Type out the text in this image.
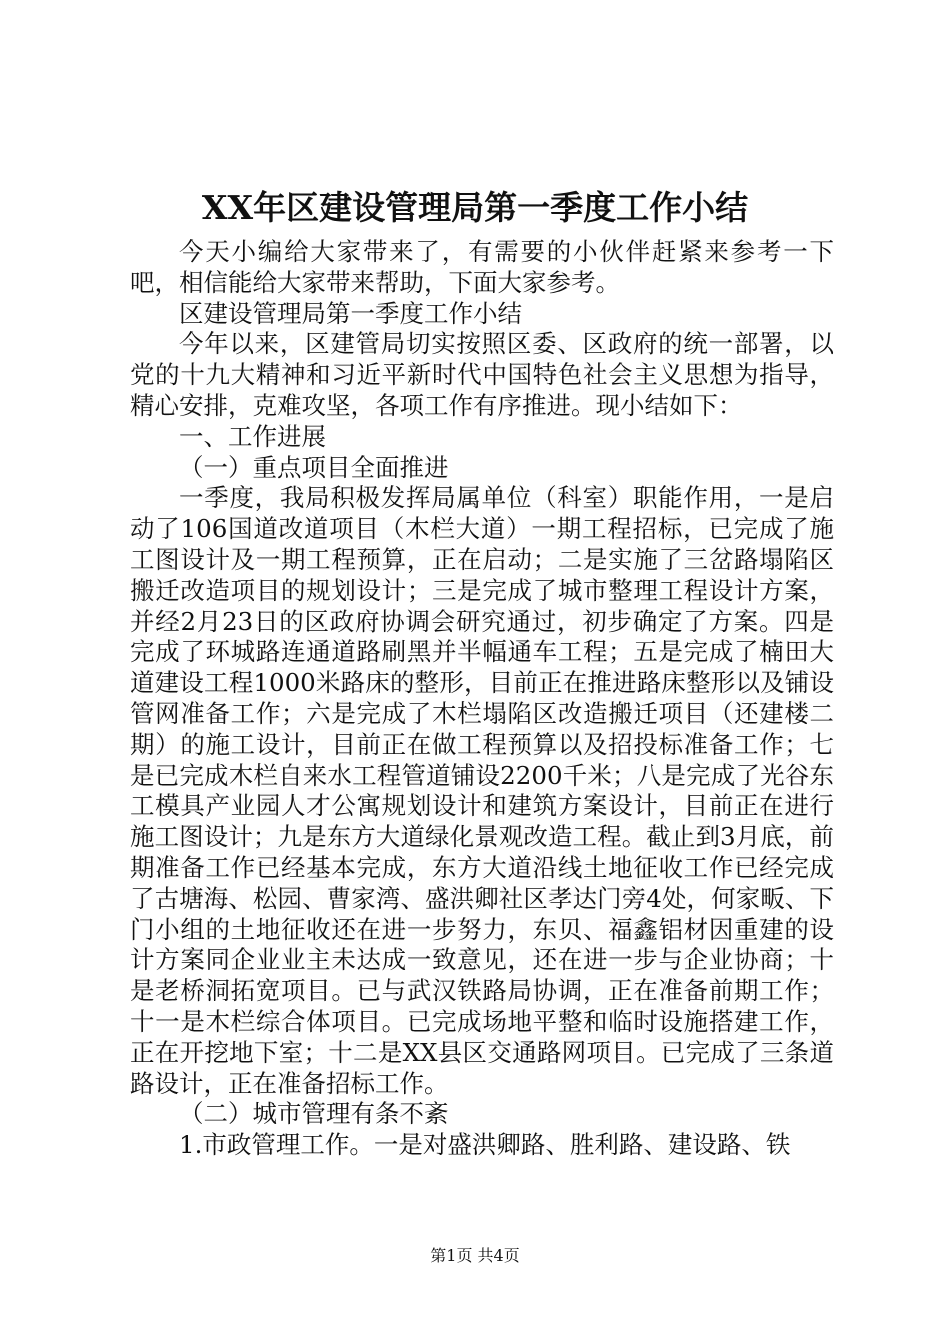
XX年区建设管理局第一季度工作小结

今天小编给大家带来了，有需要的小伙伴赶紧来参考一下吧，相信能给大家带来帮助，下面大家参考。

区建设管理局第一季度工作小结

今年以来，区建管局切实按照区委、区政府的统一部署，以党的十九大精神和习近平新时代中国特色社会主义思想为指导，精心安排，克难攻坚，各项工作有序推进。现小结如下：

一、工作进展

（一）重点项目全面推进

一季度，我局积极发挥局属单位（科室）职能作用，一是启动了106国道改道项目（木栏大道）一期工程招标，已完成了施工图设计及一期工程预算，正在启动；二是实施了三岔路塌陷区搬迁改造项目的规划设计；三是完成了城市整理工程设计方案，并经2月23日的区政府协调会研究通过，初步确定了方案。四是完成了环城路连通道路刷黑并半幅通车工程；五是完成了楠田大道建设工程1000米路床的整形，目前正在推进路床整形以及铺设管网准备工作；六是完成了木栏塌陷区改造搬迁项目（还建楼二期）的施工设计，目前正在做工程预算以及招投标准备工作；七是已完成木栏自来水工程管道铺设2200千米；八是完成了光谷东工模具产业园人才公寓规划设计和建筑方案设计，目前正在进行施工图设计；九是东方大道绿化景观改造工程。截止到3月底，前期准备工作已经基本完成，东方大道沿线土地征收工作已经完成了古塘海、松园、曹家湾、盛洪卿社区孝达门旁4处，何家畈、下门小组的土地征收还在进一步努力，东贝、福鑫铝材因重建的设计方案同企业业主未达成一致意见，还在进一步与企业协商；十是老桥洞拓宽项目。已与武汉铁路局协调，正在准备前期工作；十一是木栏综合体项目。已完成场地平整和临时设施搭建工作，正在开挖地下室；十二是XX县区交通路网项目。已完成了三条道路设计，正在准备招标工作。

（二）城市管理有条不紊

1.市政管理工作。一是对盛洪卿路、胜利路、建设路、铁

第1页 共4页
